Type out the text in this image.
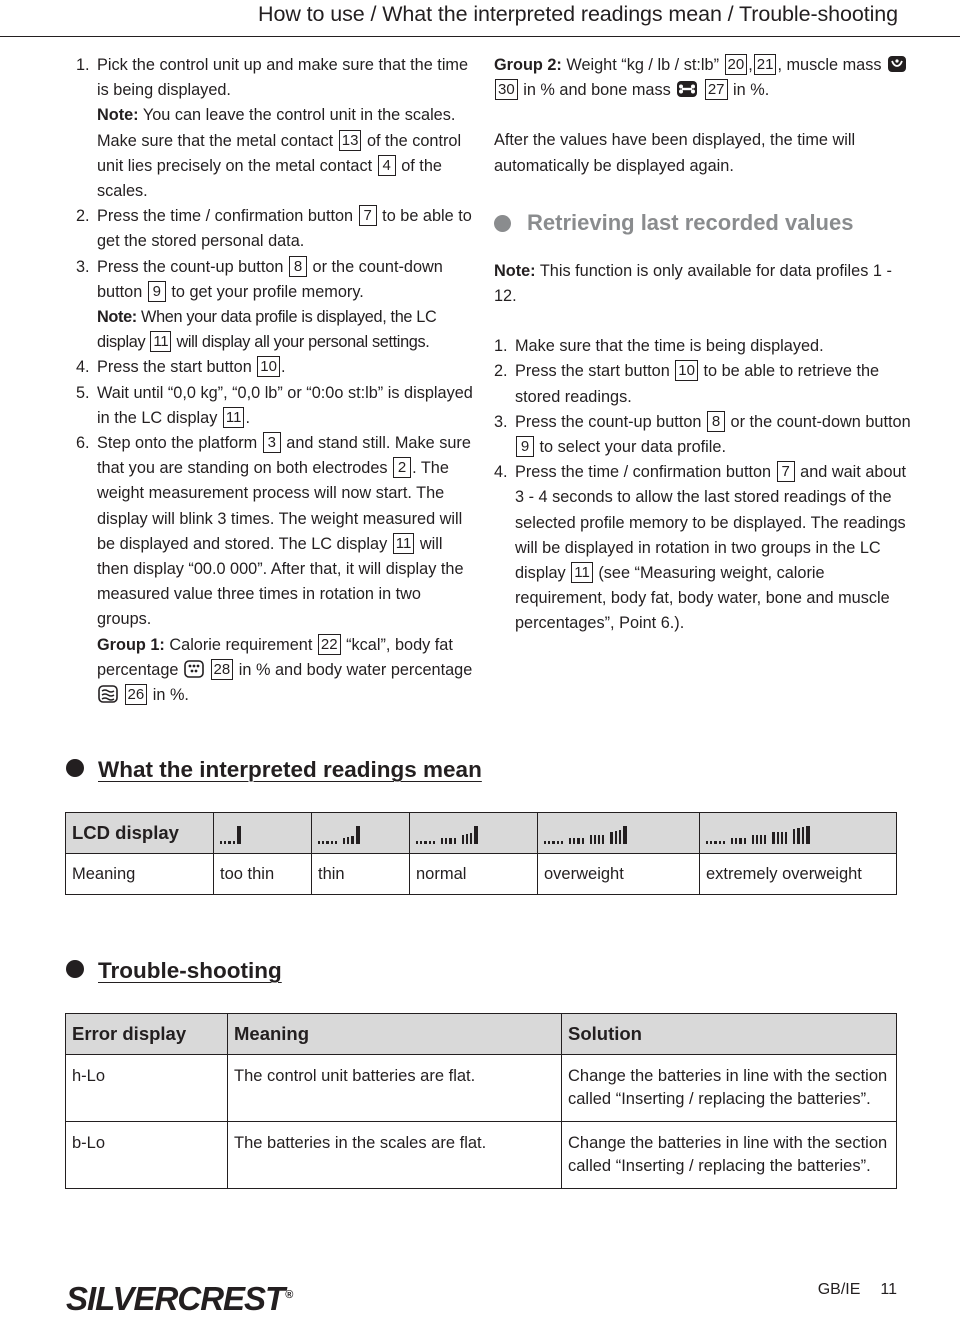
How to use / What the interpreted readings mean / Trouble-shooting
1. Pick the control unit up and make sure that the time is being displayed.
Note: You can leave the control unit in the scales. Make sure that the metal contact 13 of the control unit lies precisely on the metal contact 4 of the scales.
2. Press the time / confirmation button 7 to be able to get the stored personal data.
3. Press the count-up button 8 or the count-down button 9 to get your profile memory.
Note: When your data profile is displayed, the LC display 11 will display all your personal settings.
4. Press the start button 10 .
5. Wait until “0,0 kg”, “0,0 lb” or “0:0o st:lb” is displayed in the LC display 11 .
6. Step onto the platform 3 and stand still. Make sure that you are standing on both electrodes 2 . The weight measurement process will now start. The display will blink 3 times. The weight measured will be displayed and stored. The LC display 11 will then display “00.0 000”. After that, it will display the measured value three times in rotation in two groups.
Group 1: Calorie requirement 22 “kcal”, body fat percentage 28 in % and body water percentage  26 in %.
Group 2: Weight “kg / lb / st:lb” 20 , 21 , muscle mass  30 in % and bone mass 27 in %.
After the values have been displayed, the time will automatically be displayed again.
Retrieving last recorded values
Note: This function is only available for data profiles 1 - 12.
1. Make sure that the time is being displayed.
2. Press the start button 10 to be able to retrieve the stored readings.
3. Press the count-up button 8 or the count-down button 9 to select your data profile.
4. Press the time / confirmation button 7 and wait about 3 - 4 seconds to allow the last stored readings of the selected profile memory to be displayed. The readings will be displayed in rotation in two groups in the LC display 11 (see “Measuring weight, calorie requirement, body fat, body water, bone and muscle percentages”, Point 6.).
What the interpreted readings mean
LCD display	

Meaning	too thin	thin	normal	overweight	extremely overweight
Trouble-shooting
Error display	Meaning	Solution
h-Lo	The control unit batteries are flat.	Change the batteries in line with the section called “Inserting / replacing the batteries”.
b-Lo	The batteries in the scales are flat.	Change the batteries in line with the section called “Inserting / replacing the batteries”.
SILVERCREST®	GB/IE 11
